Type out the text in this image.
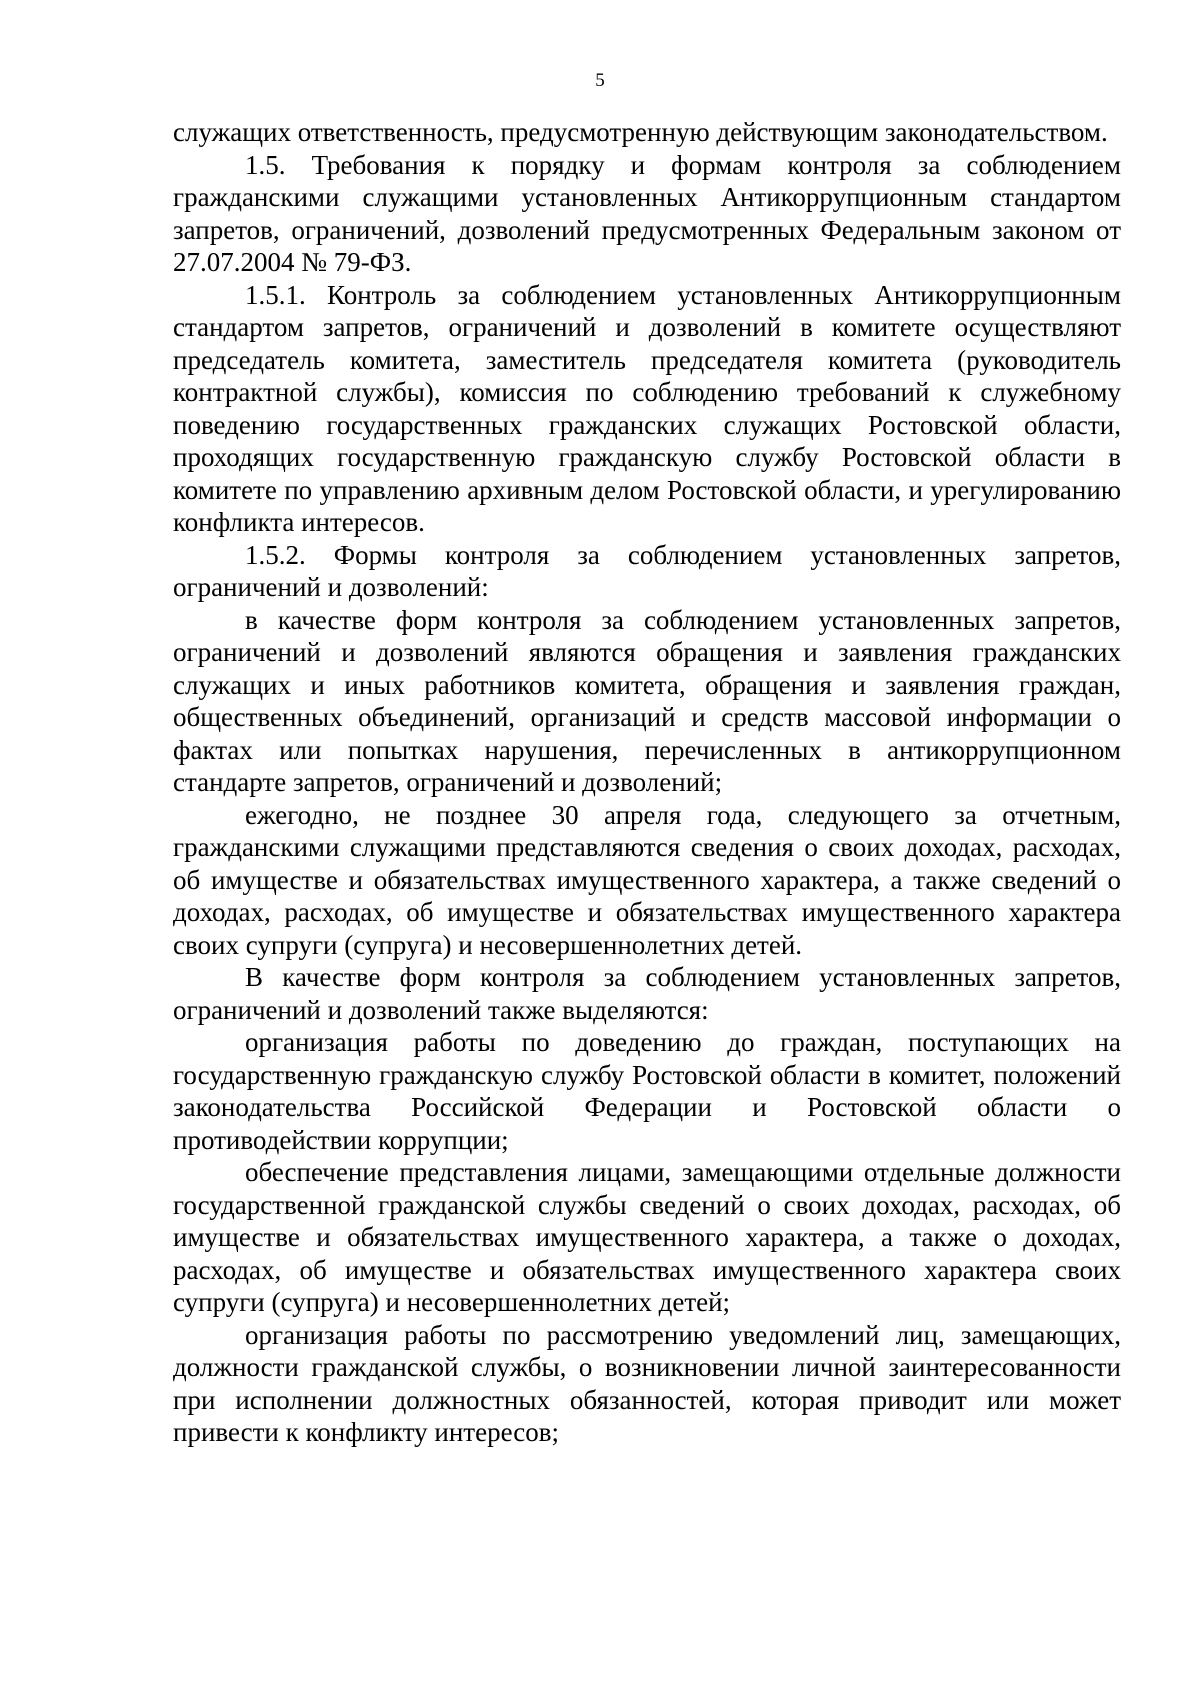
5

служащих ответственность, предусмотренную действующим законодательством.

1.5. Требования к порядку и формам контроля за соблюдением гражданскими служащими установленных Антикоррупционным стандартом запретов, ограничений, дозволений предусмотренных Федеральным законом от 27.07.2004 № 79-ФЗ.

1.5.1. Контроль за соблюдением установленных Антикоррупционным стандартом запретов, ограничений и дозволений в комитете осуществляют председатель комитета, заместитель председателя комитета (руководитель контрактной службы), комиссия по соблюдению требований к служебному поведению государственных гражданских служащих Ростовской области, проходящих государственную гражданскую службу Ростовской области в комитете по управлению архивным делом Ростовской области, и урегулированию конфликта интересов.

1.5.2. Формы контроля за соблюдением установленных запретов, ограничений и дозволений:

в качестве форм контроля за соблюдением установленных запретов, ограничений и дозволений являются обращения и заявления гражданских служащих и иных работников комитета, обращения и заявления граждан, общественных объединений, организаций и средств массовой информации о фактах или попытках нарушения, перечисленных в антикоррупционном стандарте запретов, ограничений и дозволений;

ежегодно, не позднее 30 апреля года, следующего за отчетным, гражданскими служащими представляются сведения о своих доходах, расходах, об имуществе и обязательствах имущественного характера, а также сведений о доходах, расходах, об имуществе и обязательствах имущественного характера своих супруги (супруга) и несовершеннолетних детей.

В качестве форм контроля за соблюдением установленных запретов, ограничений и дозволений также выделяются:

организация работы по доведению до граждан, поступающих на государственную гражданскую службу Ростовской области в комитет, положений законодательства Российской Федерации и Ростовской области о противодействии коррупции;

обеспечение представления лицами, замещающими отдельные должности государственной гражданской службы сведений о своих доходах, расходах, об имуществе и обязательствах имущественного характера, а также о доходах, расходах, об имуществе и обязательствах имущественного характера своих супруги (супруга) и несовершеннолетних детей;

организация работы по рассмотрению уведомлений лиц, замещающих, должности гражданской службы, о возникновении личной заинтересованности при исполнении должностных обязанностей, которая приводит или может привести к конфликту интересов;
